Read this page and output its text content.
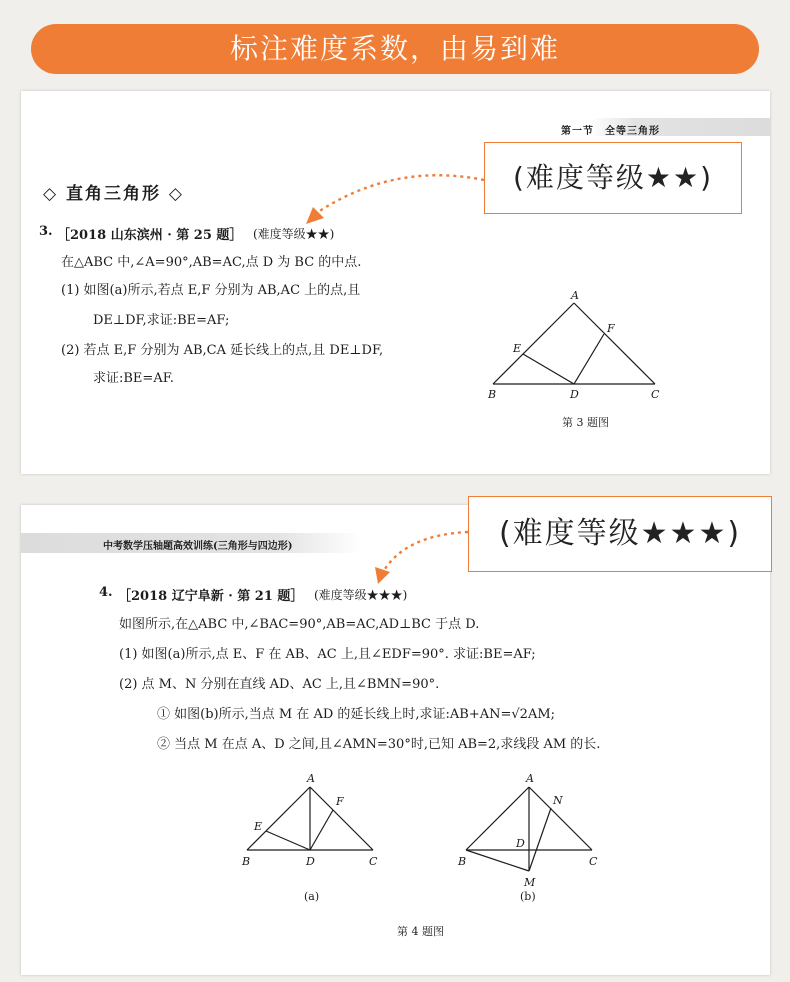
标注难度系数，由易到难
第一节　全等三角形
◇ 直角三角形 ◇
3. ［2018 山东滨州 · 第 25 题］ (难度等级★★)
在△ABC 中,∠A=90°,AB=AC,点 D 为 BC 的中点.
(1) 如图(a)所示,若点 E,F 分别为 AB,AC 上的点,且
DE⊥DF,求证:BE=AF;
(2) 若点 E,F 分别为 AB,CA 延长线上的点,且 DE⊥DF,
求证:BE=AF.
A
B	C
D
E
F
第 3 题图
中考数学压轴题高效训练(三角形与四边形)
4. ［2018 辽宁阜新 · 第 21 题］ (难度等级★★★)
如图所示,在△ABC 中,∠BAC=90°,AB=AC,AD⊥BC 于点 D.
(1) 如图(a)所示,点 E、F 在 AB、AC 上,且∠EDF=90°. 求证:BE=AF;
(2) 点 M、N 分别在直线 AD、AC 上,且∠BMN=90°.
① 如图(b)所示,当点 M 在 AD 的延长线上时,求证:AB+AN=√2AM;
② 当点 M 在点 A、D 之间,且∠AMN=30°时,已知 AB=2,求线段 AM 的长.
A
B	C
D
E
F
(a)
A
B	C
D
M
N
(b)
第 4 题图
(难度等级★★)
(难度等级★★★)
